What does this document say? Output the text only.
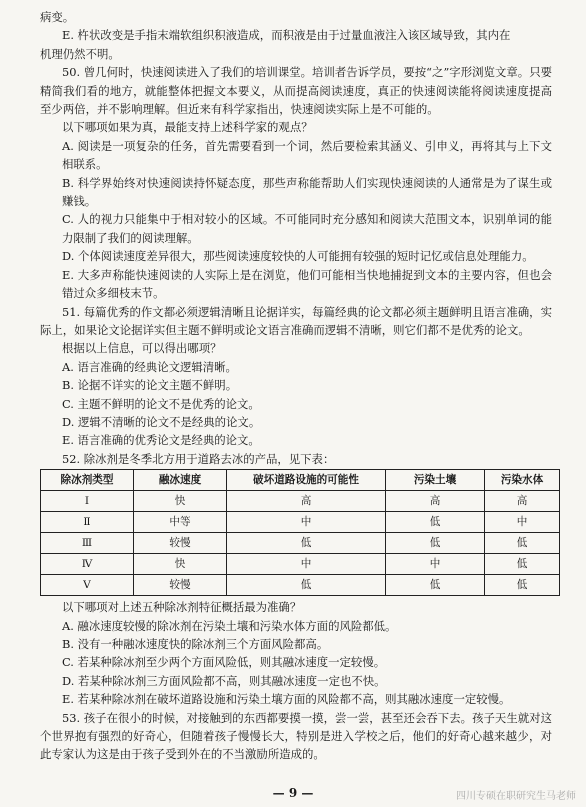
病变。

E. 杵状改变是手指末端软组织积液造成，而积液是由于过量血液注入该区域导致，其内在

机理仍然不明。

50. 曾几何时，快速阅读进入了我们的培训课堂。培训者告诉学员，要按“之”字形浏览文章。只要精简我们看的地方，就能整体把握文本要义，从而提高阅读速度，真正的快速阅读能将阅读速度提高至少两倍，并不影响理解。但近来有科学家指出，快速阅读实际上是不可能的。

以下哪项如果为真，最能支持上述科学家的观点？

A. 阅读是一项复杂的任务，首先需要看到一个词，然后要检索其涵义、引申义，再将其与上下文相联系。

B. 科学界始终对快速阅读持怀疑态度，那些声称能帮助人们实现快速阅读的人通常是为了谋生或赚钱。

C. 人的视力只能集中于相对较小的区域。不可能同时充分感知和阅读大范围文本，识别单词的能力限制了我们的阅读理解。

D. 个体阅读速度差异很大，那些阅读速度较快的人可能拥有较强的短时记忆或信息处理能力。

E. 大多声称能快速阅读的人实际上是在浏览，他们可能相当快地捕捉到文本的主要内容，但也会错过众多细枝末节。

51. 每篇优秀的作文都必须逻辑清晰且论据详实，每篇经典的论文都必须主题鲜明且语言准确，实际上，如果论文论据详实但主题不鲜明或论文语言准确而逻辑不清晰，则它们都不是优秀的论文。

根据以上信息，可以得出哪项？

A. 语言准确的经典论文逻辑清晰。

B. 论据不详实的论文主题不鲜明。

C. 主题不鲜明的论文不是优秀的论文。

D. 逻辑不清晰的论文不是经典的论文。

E. 语言准确的优秀论文是经典的论文。

52. 除冰剂是冬季北方用于道路去冰的产品，见下表：

除冰剂类型	融冰速度	破坏道路设施的可能性	污染土壤	污染水体
Ⅰ	快	高	高	高
Ⅱ	中等	中	低	中
Ⅲ	较慢	低	低	低
Ⅳ	快	中	中	低
Ⅴ	较慢	低	低	低

以下哪项对上述五种除冰剂特征概括最为准确？

A. 融冰速度较慢的除冰剂在污染土壤和污染水体方面的风险都低。

B. 没有一种融冰速度快的除冰剂三个方面风险都高。

C. 若某种除冰剂至少两个方面风险低，则其融冰速度一定较慢。

D. 若某种除冰剂三方面风险都不高，则其融冰速度一定也不快。

E. 若某种除冰剂在破坏道路设施和污染土壤方面的风险都不高，则其融冰速度一定较慢。

53. 孩子在很小的时候，对接触到的东西都要摸一摸，尝一尝，甚至还会吞下去。孩子天生就对这个世界抱有强烈的好奇心，但随着孩子慢慢长大，特别是进入学校之后，他们的好奇心越来越少，对此专家认为这是由于孩子受到外在的不当激励所造成的。

— 9 —	四川专硕在职研究生马老师
